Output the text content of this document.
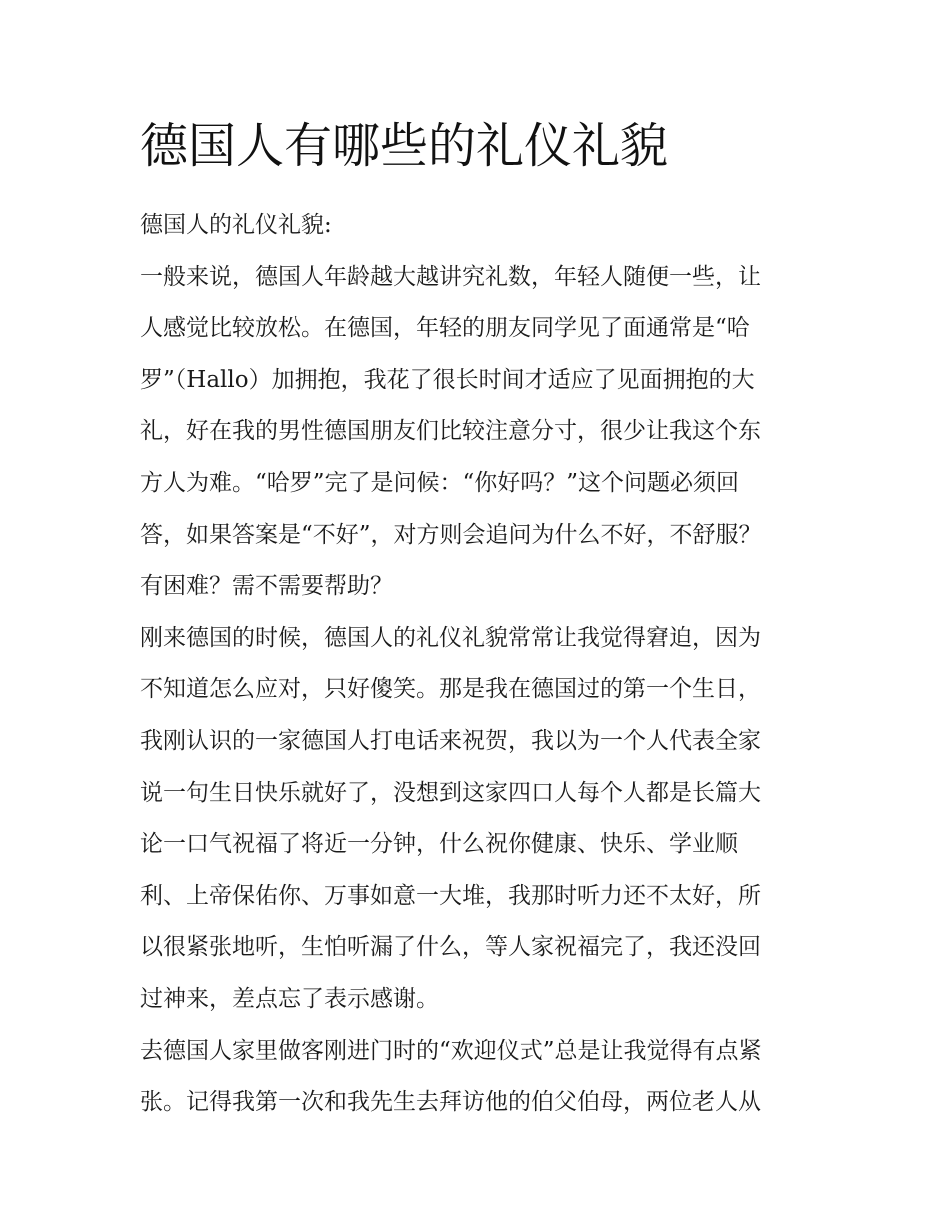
德国人有哪些的礼仪礼貌
德国人的礼仪礼貌:
一般来说，德国人年龄越大越讲究礼数，年轻人随便一些，让
人感觉比较放松。在德国，年轻的朋友同学见了面通常是“哈
罗”（Hallo）加拥抱，我花了很长时间才适应了见面拥抱的大
礼，好在我的男性德国朋友们比较注意分寸，很少让我这个东
方人为难。“哈罗”完了是问候：“你好吗？”这个问题必须回
答，如果答案是“不好”，对方则会追问为什么不好，不舒服？
有困难？需不需要帮助？
刚来德国的时候，德国人的礼仪礼貌常常让我觉得窘迫，因为
不知道怎么应对，只好傻笑。那是我在德国过的第一个生日，
我刚认识的一家德国人打电话来祝贺，我以为一个人代表全家
说一句生日快乐就好了，没想到这家四口人每个人都是长篇大
论一口气祝福了将近一分钟，什么祝你健康、快乐、学业顺
利、上帝保佑你、万事如意一大堆，我那时听力还不太好，所
以很紧张地听，生怕听漏了什么，等人家祝福完了，我还没回
过神来，差点忘了表示感谢。
去德国人家里做客刚进门时的“欢迎仪式”总是让我觉得有点紧
张。记得我第一次和我先生去拜访他的伯父伯母，两位老人从
